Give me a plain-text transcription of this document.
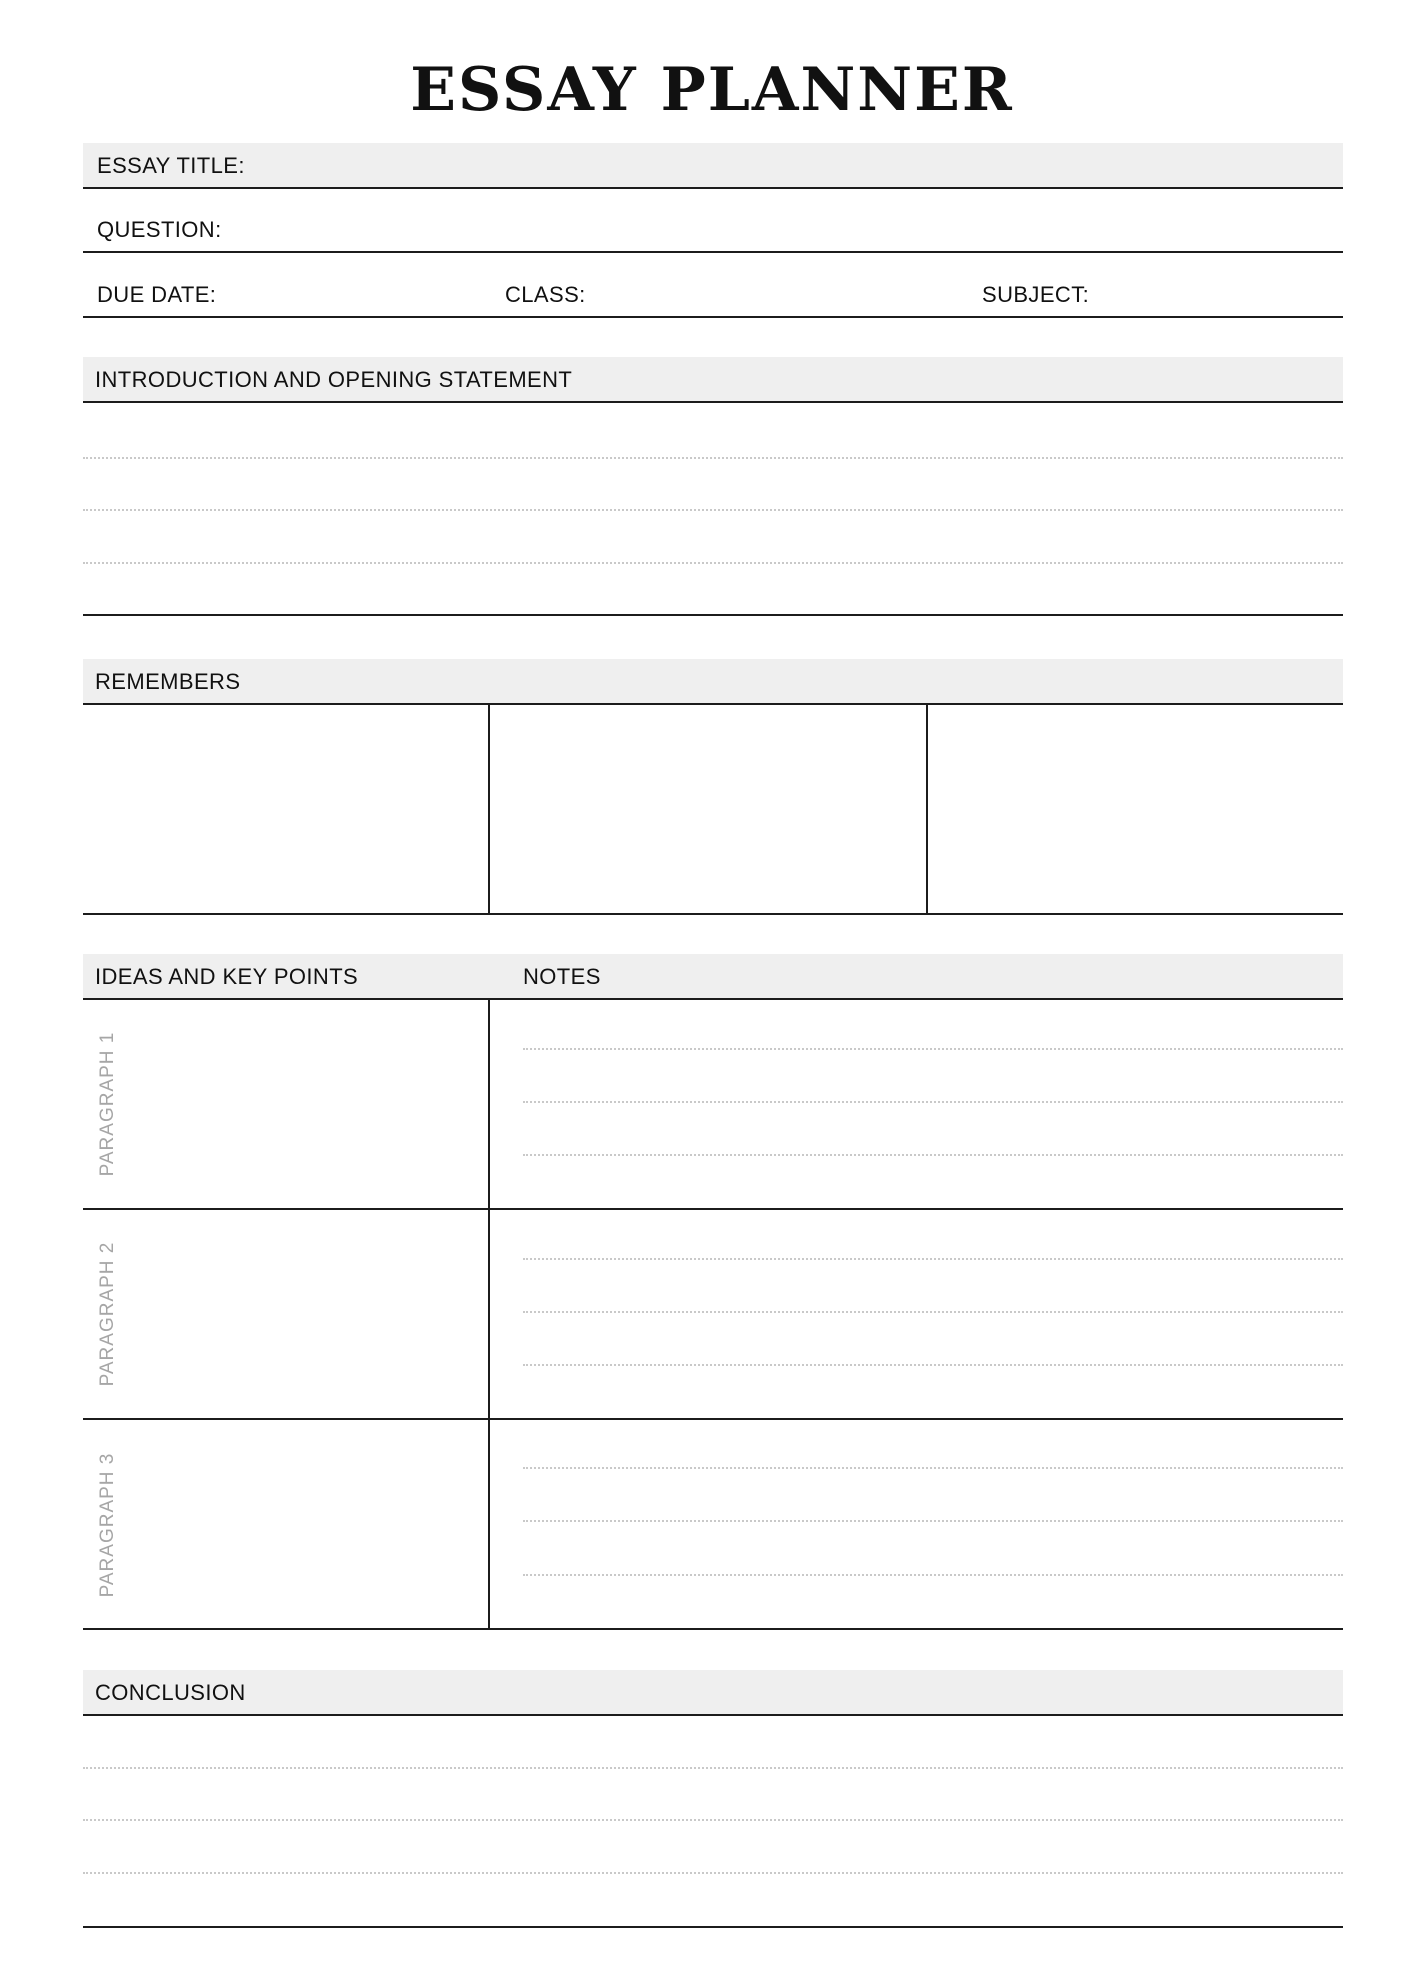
ESSAY PLANNER
ESSAY TITLE:
QUESTION:
DUE DATE:	CLASS:	SUBJECT:
INTRODUCTION AND OPENING STATEMENT
REMEMBERS
IDEAS AND KEY POINTS	NOTES
PARAGRAPH 1
PARAGRAPH 2
PARAGRAPH 3
CONCLUSION
